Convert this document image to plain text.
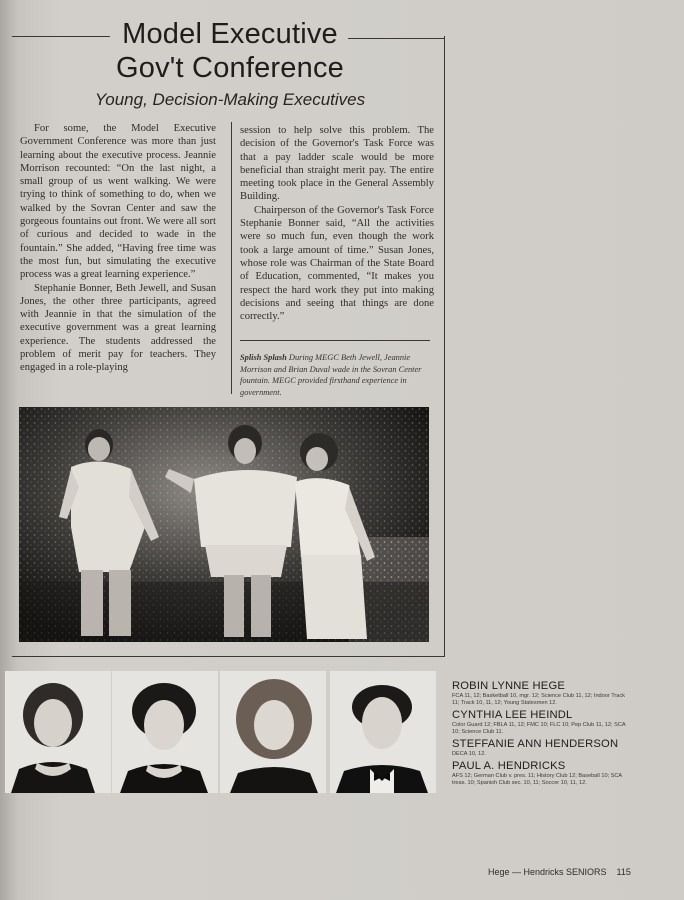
Model Executive
Gov't Conference
Young, Decision-Making Executives

For some, the Model Executive Government Conference was more than just learning about the executive process. Jeannie Morrison recounted: “On the last night, a small group of us went walking. We were trying to think of something to do, when we walked by the Sovran Center and saw the gorgeous fountains out front. We were all sort of curious and decided to wade in the fountain.” She added, “Having free time was the most fun, but simulating the executive process was a great learning experience.”

Stephanie Bonner, Beth Jewell, and Susan Jones, the other three participants, agreed with Jeannie in that the simulation of the executive government was a great learning experience. The students addressed the problem of merit pay for teachers. They engaged in a role-playing

session to help solve this problem. The decision of the Governor's Task Force was that a pay ladder scale would be more beneficial than straight merit pay. The entire meeting took place in the General Assembly Building.

Chairperson of the Governor's Task Force Stephanie Bonner said, “All the activities were so much fun, even though the work took a large amount of time.” Susan Jones, whose role was Chairman of the State Board of Education, commented, “It makes you respect the hard work they put into making decisions and seeing that things are done correctly.”

Splish Splash During MEGC Beth Jewell, Jeannie Morrison and Brian Duval wade in the Sovran Center fountain. MEGC provided firsthand experience in government.
ROBIN LYNNE HEGE
FCA 11, 12; Basketball 10, mgr. 12; Science Club 11, 12; Indoor Track 11; Track 10, 11, 12; Young Statesmen 12.
CYNTHIA LEE HEINDL
Color Guard 12; FBLA 11, 12; FMC 10; FLC 10; Pep Club 11, 12; SCA 10; Science Club 11.
STEFFANIE ANN HENDERSON
DECA 10, 12.
PAUL A. HENDRICKS
AFS 12; German Club v. pres. 11; History Club 12; Baseball 10; SCA treas. 10; Spanish Club sec. 10, 11; Soccer 10, 11, 12.
Hege — Hendricks SENIORS 115
